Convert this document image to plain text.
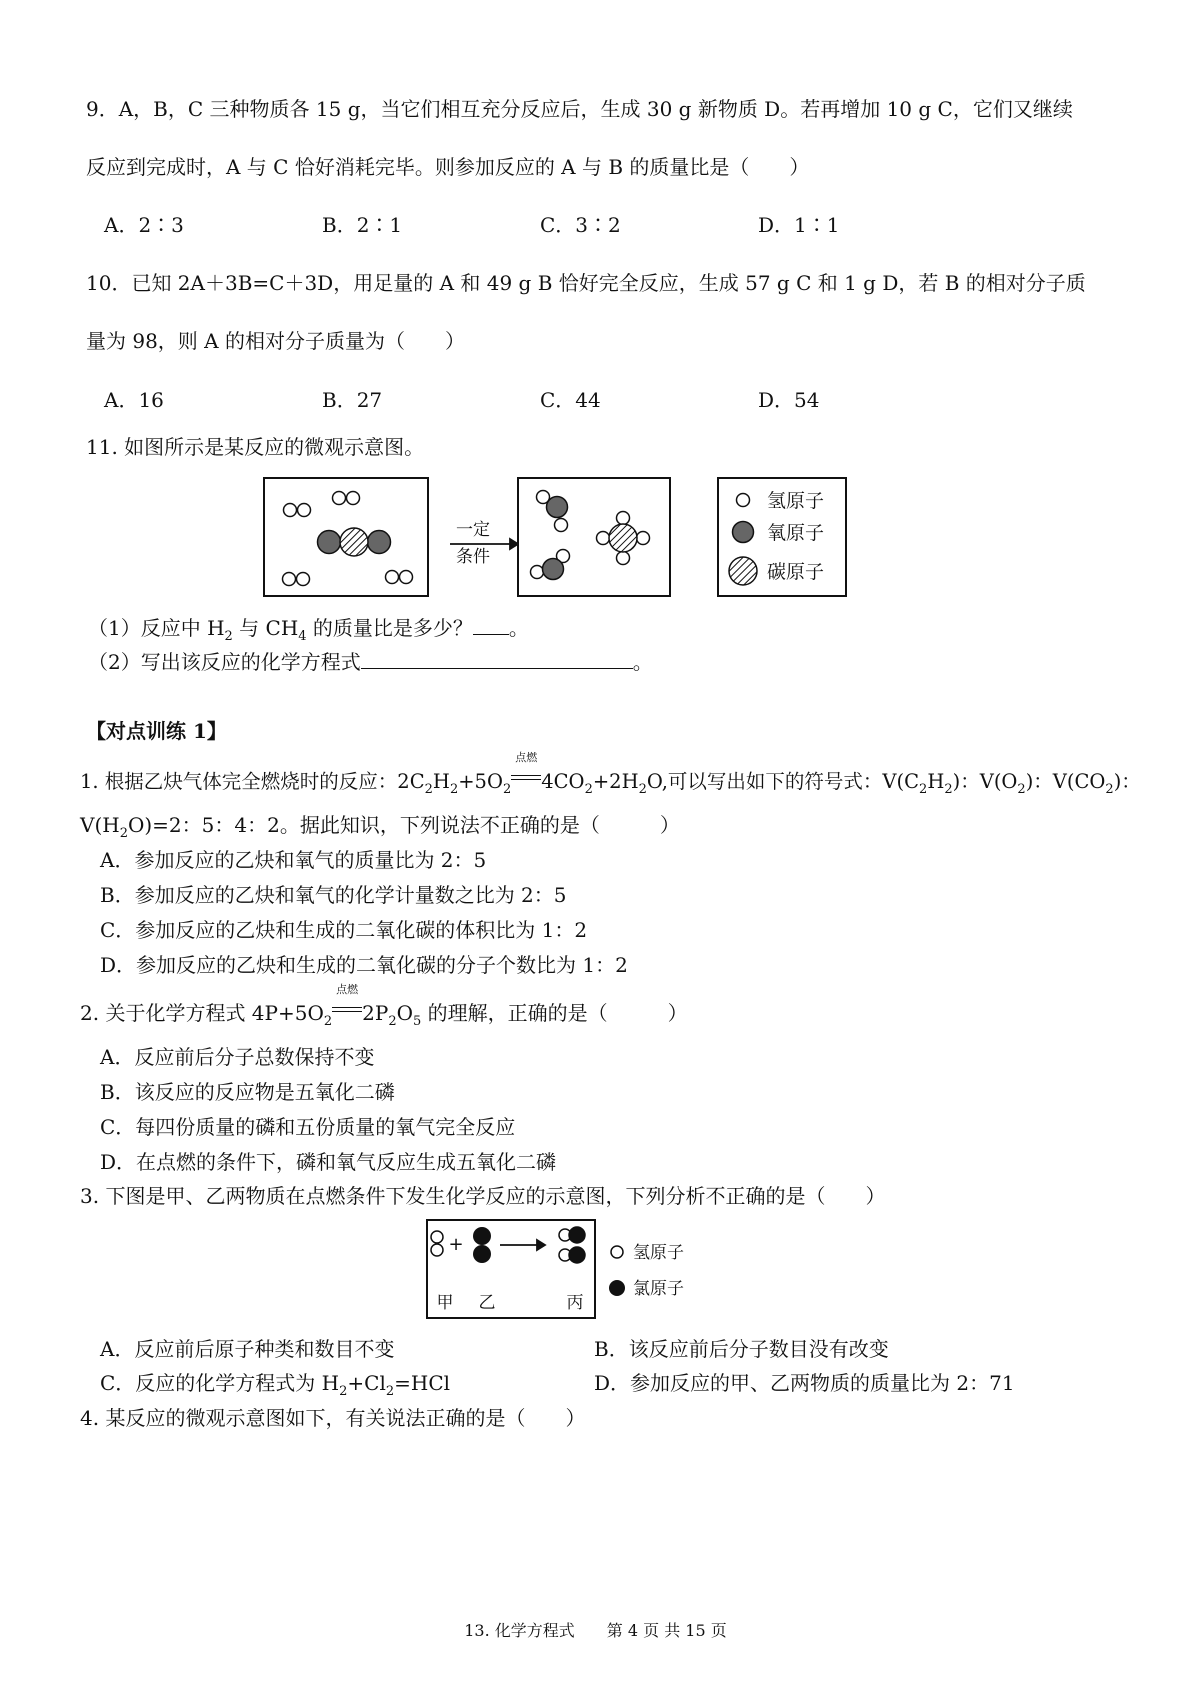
9．A，B，C 三种物质各 15 g，当它们相互充分反应后，生成 30 g 新物质 D。若再增加 10 g C，它们又继续
反应到完成时，A 与 C 恰好消耗完毕。则参加反应的 A 与 B 的质量比是（　　）
A．2∶3	B．2∶1	C．3∶2	D．1∶1
10．已知 2A＋3B=C＋3D，用足量的 A 和 49 g B 恰好完全反应，生成 57 g C 和 1 g D，若 B 的相对分子质
量为 98，则 A 的相对分子质量为（　　）
A．16	B．27	C．44	D．54
11. 如图所示是某反应的微观示意图。
一定
条件
氢原子
氧原子
碳原子
（1）反应中 $H_2$ 与 $CH_4$ 的质量比是多少？ 。
（2）写出该反应的化学方程式	。
【对点训练 1】
1. 根据乙炔气体完全燃烧时的反应：$2C_2H_2+5O_2$
点燃
$4CO_2+2H_2O$,可以写出如下的符号式：$V(C_2H_2)$：$V(O_2)$：$V(CO_2)$：
$V(H_2O)=2$：5：4：2。据此知识，下列说法不正确的是（　　　）
A．参加反应的乙炔和氧气的质量比为 2：5
B．参加反应的乙炔和氧气的化学计量数之比为 2：5
C．参加反应的乙炔和生成的二氧化碳的体积比为 1：2
D．参加反应的乙炔和生成的二氧化碳的分子个数比为 1：2
2. 关于化学方程式 $4P+5O_2$
点燃
$2P_2O_5$ 的理解，正确的是（　　　）
A．反应前后分子总数保持不变
B．该反应的反应物是五氧化二磷
C．每四份质量的磷和五份质量的氧气完全反应
D．在点燃的条件下，磷和氧气反应生成五氧化二磷
3. 下图是甲、乙两物质在点燃条件下发生化学反应的示意图，下列分析不正确的是（　　）
+
甲 乙	丙
氢原子
氯原子
A．反应前后原子种类和数目不变	B．该反应前后分子数目没有改变
C．反应的化学方程式为 $H_2+Cl_2=HCl$	D．参加反应的甲、乙两物质的质量比为 2：71
4. 某反应的微观示意图如下，有关说法正确的是（　　）
13. 化学方程式　　第 4 页 共 15 页
